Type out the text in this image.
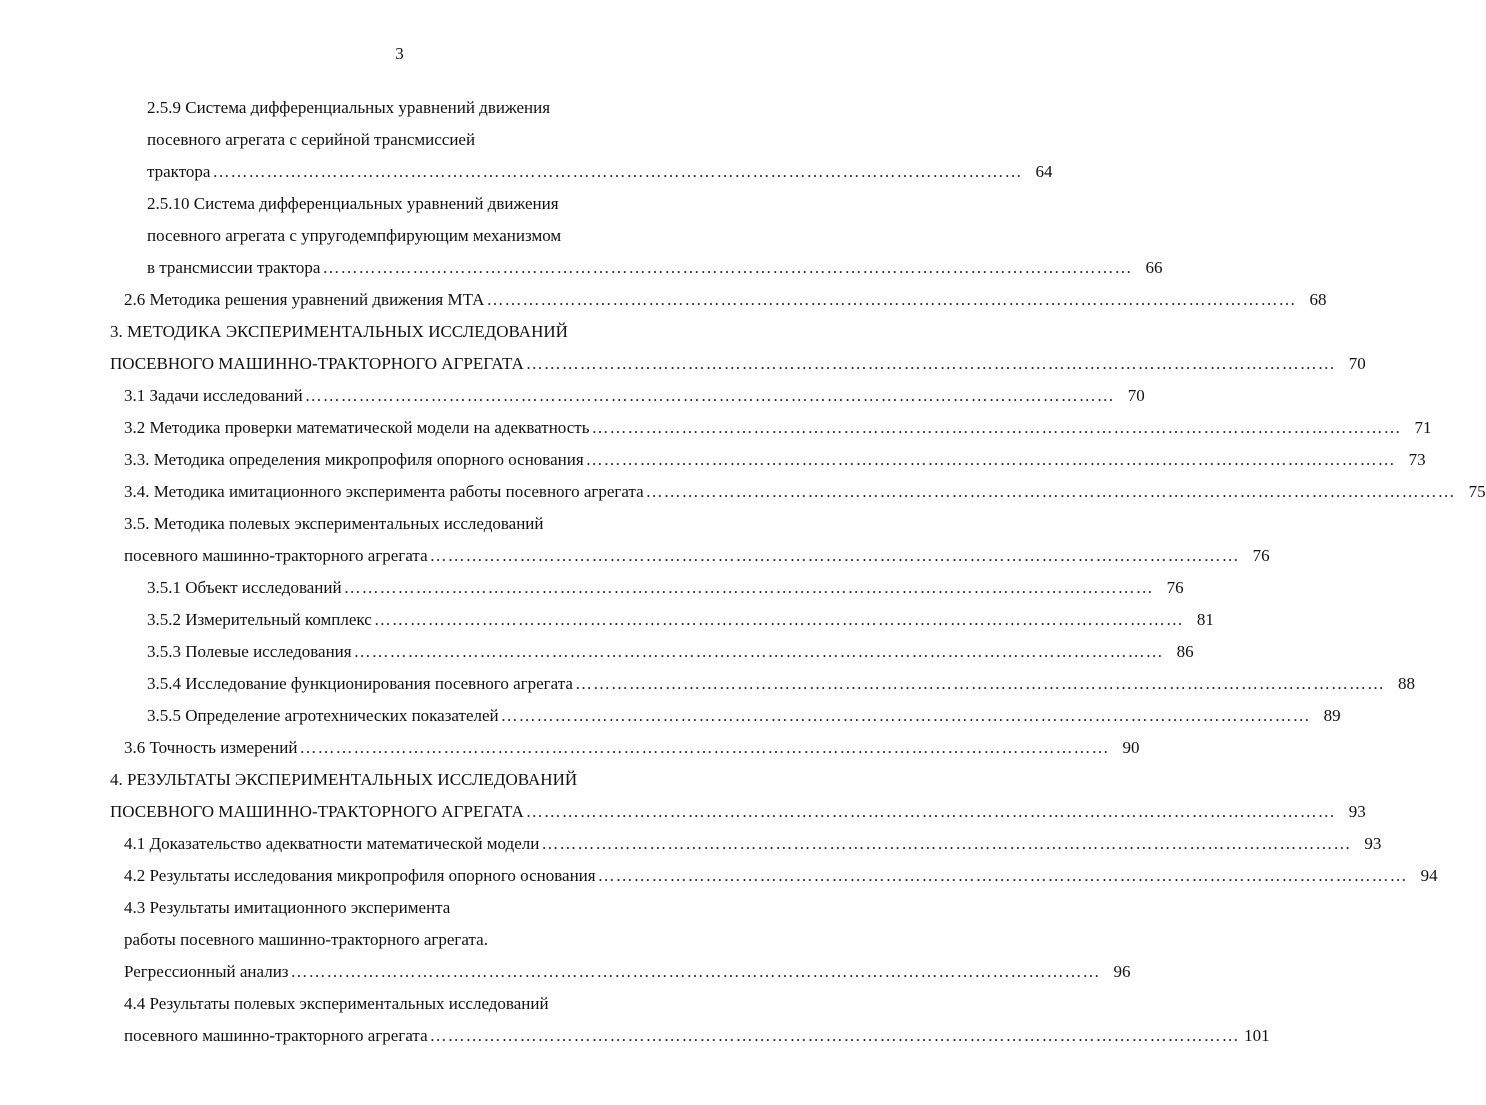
3
2.5.9 Система дифференциальных уравнений движения
посевного агрегата с серийной трансмиссией
трактора ……………………………………………………………………………………………………………………… 64
2.5.10 Система дифференциальных уравнений движения
посевного агрегата с упругодемпфирующим механизмом
в трансмиссии трактора ……………………………………………………………………………………………………………………… 66
2.6 Методика решения уравнений движения МТА ……………………………………………………………………………………………………………………… 68
3. МЕТОДИКА ЭКСПЕРИМЕНТАЛЬНЫХ ИССЛЕДОВАНИЙ
ПОСЕВНОГО МАШИННО-ТРАКТОРНОГО АГРЕГАТА ……………………………………………………………………………………………………………………… 70
3.1 Задачи исследований ……………………………………………………………………………………………………………………… 70
3.2 Методика проверки математической модели на адекватность ……………………………………………………………………………………………………………………… 71
3.3. Методика определения микропрофиля опорного основания ……………………………………………………………………………………………………………………… 73
3.4. Методика имитационного эксперимента работы посевного агрегата ……………………………………………………………………………………………………………………… 75
3.5. Методика полевых экспериментальных исследований
посевного машинно-тракторного агрегата ……………………………………………………………………………………………………………………… 76
3.5.1 Объект исследований ……………………………………………………………………………………………………………………… 76
3.5.2 Измерительный комплекс ……………………………………………………………………………………………………………………… 81
3.5.3 Полевые исследования ……………………………………………………………………………………………………………………… 86
3.5.4 Исследование функционирования посевного агрегата ……………………………………………………………………………………………………………………… 88
3.5.5 Определение агротехнических показателей ……………………………………………………………………………………………………………………… 89
3.6 Точность измерений ……………………………………………………………………………………………………………………… 90
4. РЕЗУЛЬТАТЫ ЭКСПЕРИМЕНТАЛЬНЫХ ИССЛЕДОВАНИЙ
ПОСЕВНОГО МАШИННО-ТРАКТОРНОГО АГРЕГАТА ……………………………………………………………………………………………………………………… 93
4.1 Доказательство адекватности математической модели ……………………………………………………………………………………………………………………… 93
4.2 Результаты исследования микропрофиля опорного основания ……………………………………………………………………………………………………………………… 94
4.3 Результаты имитационного эксперимента
работы посевного машинно-тракторного агрегата.
Регрессионный анализ ……………………………………………………………………………………………………………………… 96
4.4 Результаты полевых экспериментальных исследований
посевного машинно-тракторного агрегата ……………………………………………………………………………………………………………………… 101
